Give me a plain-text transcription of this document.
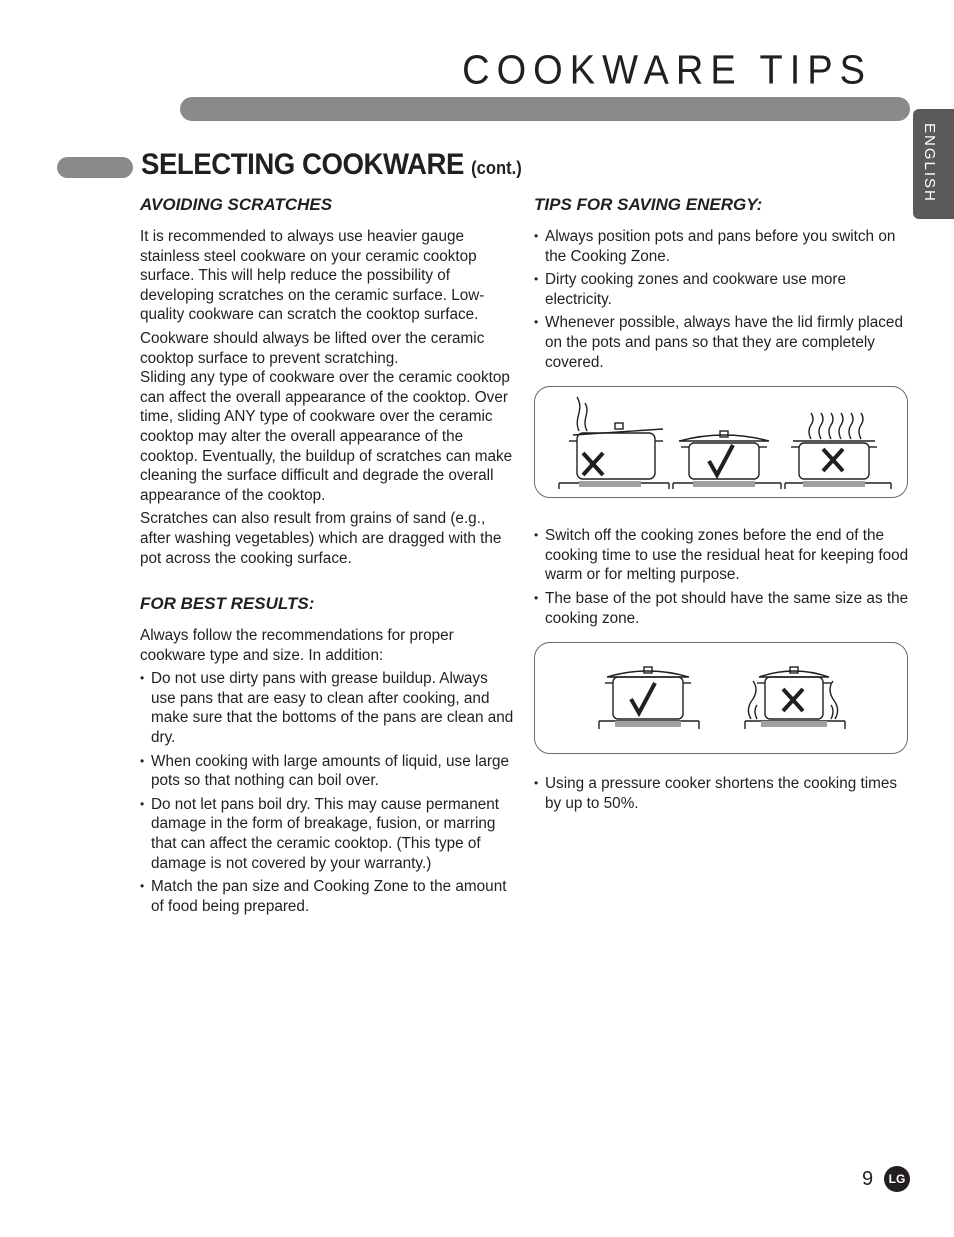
COOKWARE TIPS
ENGLISH
SELECTING COOKWARE (cont.)
AVOIDING SCRATCHES

It is recommended to always use heavier gauge stainless steel cookware on your ceramic cooktop surface. This will help reduce the possibility of developing scratches on the ceramic surface. Low-quality cookware can scratch the cooktop surface.

Cookware should always be lifted over the ceramic cooktop surface to prevent scratching.

Sliding any type of cookware over the ceramic cooktop can affect the overall appearance of the cooktop. Over time, sliding ANY type of cookware over the ceramic cooktop may alter the overall appearance of the cooktop. Eventually, the buildup of scratches can make cleaning the surface difficult and degrade the overall appearance of the cooktop.

Scratches can also result from grains of sand (e.g., after washing vegetables) which are dragged with the pot across the cooking surface.

FOR BEST RESULTS:

Always follow the recommendations for proper cookware type and size. In addition:

• Do not use dirty pans with grease buildup. Always use pans that are easy to clean after cooking, and make sure that the bottoms of the pans are clean and dry.
• When cooking with large amounts of liquid, use large pots so that nothing can boil over.
• Do not let pans boil dry. This may cause permanent damage in the form of breakage, fusion, or marring that can affect the ceramic cooktop. (This type of damage is not covered by your warranty.)
• Match the pan size and Cooking Zone to the amount of food being prepared.
TIPS FOR SAVING ENERGY:
• Always position pots and pans before you switch on the Cooking Zone.
• Dirty cooking zones and cookware use more electricity.
• Whenever possible, always have the lid firmly placed on the pots and pans so that they are completely covered.
• Switch off the cooking zones before the end of the cooking time to use the residual heat for keeping food warm or for melting purpose.
• The base of the pot should have the same size as the cooking zone.
• Using a pressure cooker shortens the cooking times by up to 50%.
9	LG
